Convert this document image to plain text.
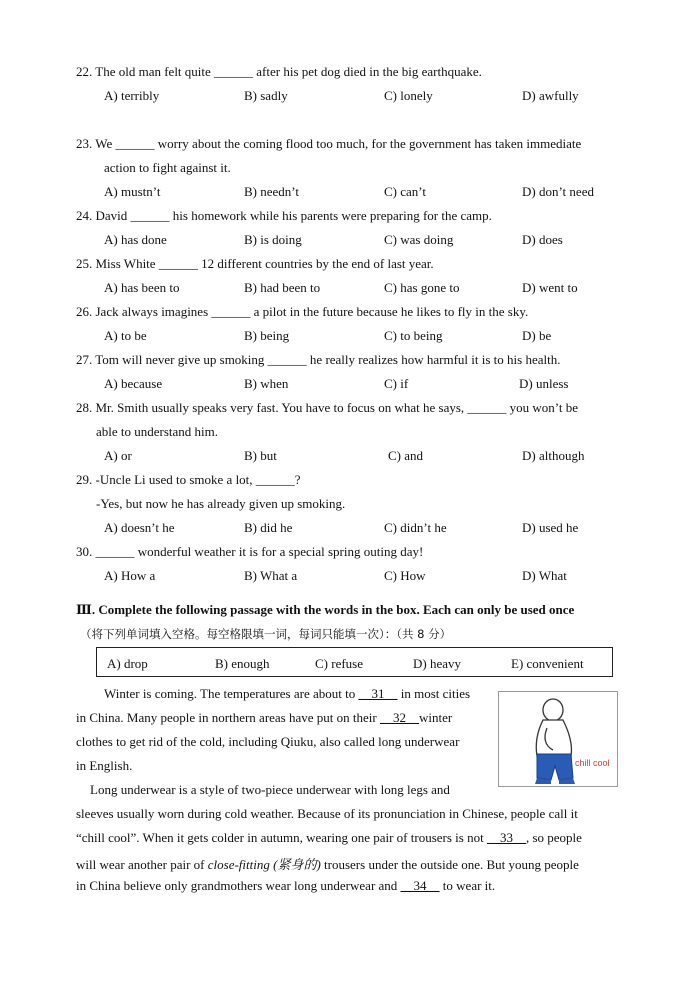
22. The old man felt quite ______ after his pet dog died in the big earthquake.
A) terribly	B) sadly	C) lonely	D) awfully
23. We ______ worry about the coming flood too much, for the government has taken immediate
action to fight against it.
A) mustn’t	B) needn’t	C) can’t	D) don’t need
24. David ______ his homework while his parents were preparing for the camp.
A) has done	B) is doing	C) was doing	D) does
25. Miss White ______ 12 different countries by the end of last year.
A) has been to	B) had been to	C) has gone to	D) went to
26. Jack always imagines ______ a pilot in the future because he likes to fly in the sky.
A) to be	B) being	C) to being	D) be
27. Tom will never give up smoking ______ he really realizes how harmful it is to his health.
A) because	B) when	C) if	D) unless
28. Mr. Smith usually speaks very fast. You have to focus on what he says, ______ you won’t be
able to understand him.
A) or	B) but	C) and	D) although
29. -Uncle Li used to smoke a lot, ______?
-Yes, but now he has already given up smoking.
A) doesn’t he	B) did he	C) didn’t he	D) used he
30. ______ wonderful weather it is for a special spring outing day!
A) How a	B) What a	C) How	D) What
Ⅲ. Complete the following passage with the words in the box. Each can only be used once
（将下列单词填入空格。每空格限填一词，每词只能填一次）：（共 8 分）
A) drop	B) enough	C) refuse	D) heavy	E) convenient
Winter is coming. The temperatures are about to __31__ in most cities
in China. Many people in northern areas have put on their __32__winter
clothes to get rid of the cold, including Qiuku, also called long underwear
in English.	chill cool
Long underwear is a style of two-piece underwear with long legs and
sleeves usually worn during cold weather. Because of its pronunciation in Chinese, people call it
“chill cool”. When it gets colder in autumn, wearing one pair of trousers is not __33__, so people
will wear another pair of close-fitting (紧身的) trousers under the outside one. But young people
in China believe only grandmothers wear long underwear and __34__ to wear it.
